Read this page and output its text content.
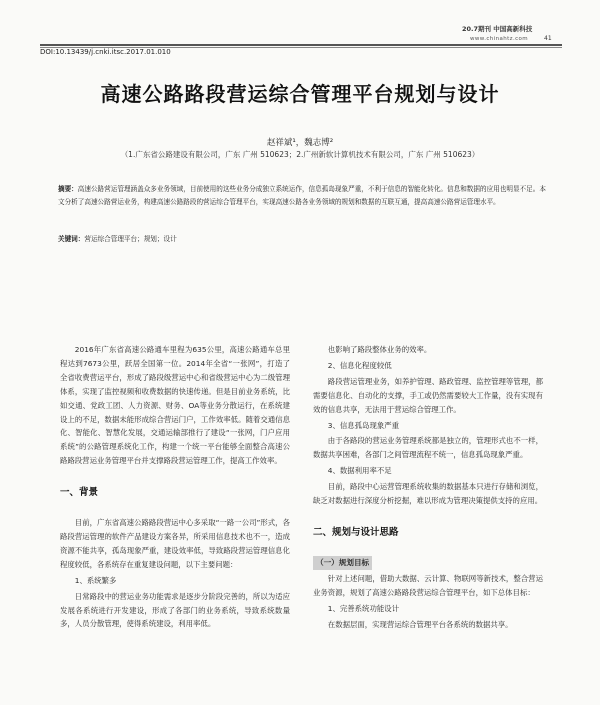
20.7期刊 中国高新科技
www.chinahtz.com	41
DOI:10.13439/j.cnki.itsc.2017.01.010
高速公路路段营运综合管理平台规划与设计
赵祥斌¹，魏志博²
（1.广东省公路建设有限公司，广东 广州 510623；2.广州新软计算机技术有限公司，广东 广州 510623）
摘要：高速公路营运管理涵盖众多业务领域，目前使用的这些业务分成独立系统运作，信息孤岛现象严重，不利于信息的智能化转化。信息和数据的应用也明显不足。本文分析了高速公路营运业务，构建高速公路路段的营运综合管理平台，实现高速公路各业务领域的规划和数据的互联互通，提高高速公路营运管理水平。
关键词：营运综合管理平台；规划；设计

2016年广东省高速公路通车里程为635公里，高速公路通车总里程达到7673公里，跃居全国第一位。2014年全省“一张网”，打造了全省收费营运平台，形成了路段级营运中心和省级营运中心为二级管理体系，实现了监控视频和收费数据的快速传递。但是目前业务系统，比如交通、党政工团、人力资源、财务、OA等业务分散运行，在系统建设上的不足，数据未能形成综合营运门户，工作效率低。随着交通信息化、智能化、智慧化发展，交通运输部推行了建设“一张网，门户应用系统”的公路管理系统化工作，构建一个统一平台能够全面整合高速公路路段营运业务管理平台并支撑路段营运管理工作，提高工作效率。

一、背景

目前，广东省高速公路路段营运中心多采取“一路一公司”形式，各路段营运管理的软件产品建设方案各异，所采用信息技术也不一，造成资源不能共享，孤岛现象严重，建设效率低，导致路段营运管理信息化程度较低，各系统存在重复建设问题，以下主要问题：

1、系统繁多

日常路段中的营运业务功能需求是逐步分阶段完善的，所以为适应发展各系统进行开发建设，形成了各部门的业务系统，导致系统数量多，人员分散管理，使得系统建设，利用率低。

也影响了路段整体业务的效率。

2、信息化程度较低

路段营运管理业务，如养护管理、路政管理、监控管理等管理，都需要信息化、自动化的支撑，手工或仍然需要较大工作量，没有实现有效的信息共享，无法用于营运综合管理工作。

3、信息孤岛现象严重

由于各路段的营运业务管理系统都是独立的，管理形式也不一样，数据共享困难，各部门之间管理流程不统一，信息孤岛现象严重。

4、数据利用率不足

目前，路段中心运营管理系统收集的数据基本只进行存储和浏览，缺乏对数据进行深度分析挖掘，难以形成为管理决策提供支持的应用。

二、规划与设计思路
（一）规划目标

针对上述问题，借助大数据、云计算、物联网等新技术，整合营运业务资源，规划了高速公路路段营运综合管理平台，如下总体目标：

1、完善系统功能设计

在数据层面，实现营运综合管理平台各系统的数据共享。
